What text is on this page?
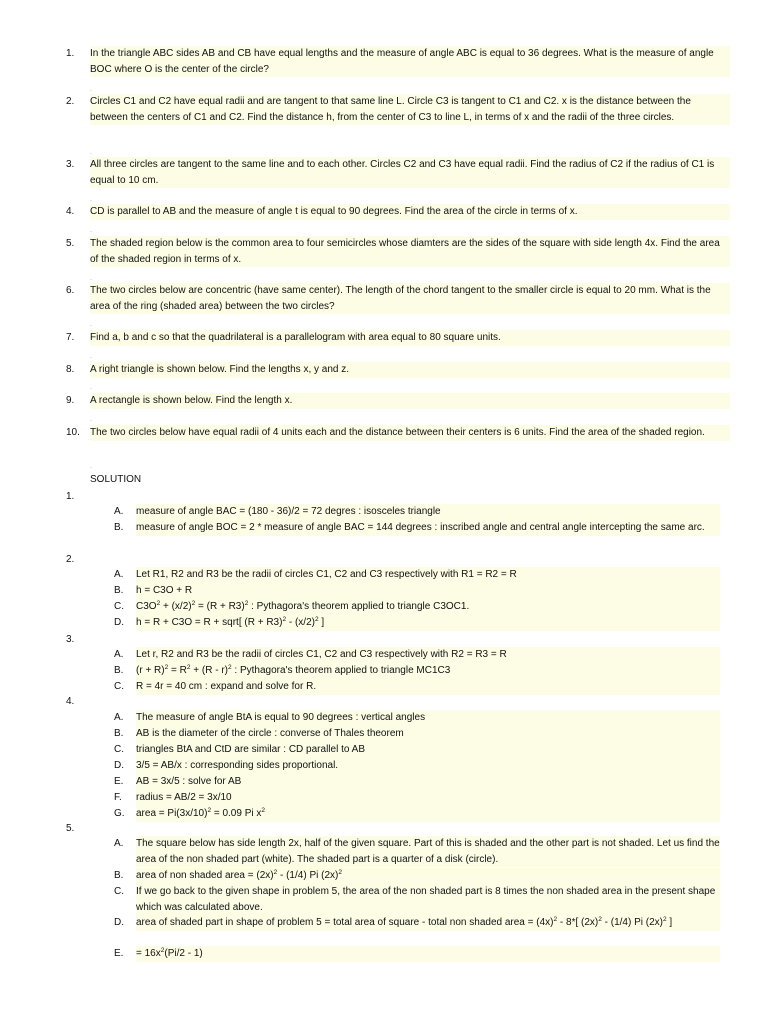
1.	In the triangle ABC sides AB and CB have equal lengths and the measure of angle ABC is equal to 36 degrees. What is the measure of angle BOC where O is the center of the circle?
.
2.	Circles C1 and C2 have equal radii and are tangent to that same line L. Circle C3 is tangent to C1 and C2. x is the distance between the between the centers of C1 and C2. Find the distance h, from the center of C3 to line L, in terms of x and the radii of the three circles.
.
3.	All three circles are tangent to the same line and to each other. Circles C2 and C3 have equal radii. Find the radius of C2 if the radius of C1 is equal to 10 cm.
.
4.	CD is parallel to AB and the measure of angle t is equal to 90 degrees. Find the area of the circle in terms of x.
.
5.	The shaded region below is the common area to four semicircles whose diamters are the sides of the square with side length 4x. Find the area of the shaded region in terms of x.
.
6.	The two circles below are concentric (have same center). The length of the chord tangent to the smaller circle is equal to 20 mm. What is the area of the ring (shaded area) between the two circles?
.
7.	Find a, b and c so that the quadrilateral is a parallelogram with area equal to 80 square units.
.
8.	A right triangle is shown below. Find the lengths x, y and z.
.
9.	A rectangle is shown below. Find the length x.
.
10.	The two circles below have equal radii of 4 units each and the distance between their centers is 6 units. Find the area of the shaded region.
.
SOLUTION
1.
A.	measure of angle BAC = (180 - 36)/2 = 72 degres : isosceles triangle
B.	measure of angle BOC = 2 * measure of angle BAC = 144 degrees : inscribed angle and central angle intercepting the same arc.
2.
A.	Let R1, R2 and R3 be the radii of circles C1, C2 and C3 respectively with R1 = R2 = R
B.	h = C3O + R
C.	$C3O^2 + (x/2)^2 = (R + R3)^2$ : Pythagora's theorem applied to triangle C3OC1.
D.	h = R + C3O = R + sqrt[ $(R + R3)^2 - (x/2)^2$ ]
3.
A.	Let r, R2 and R3 be the radii of circles C1, C2 and C3 respectively with R2 = R3 = R
B.	$(r + R)^2 = R^2 + (R - r)^2$ : Pythagora's theorem applied to triangle MC1C3
C.	R = 4r = 40 cm : expand and solve for R.
4.
A.	The measure of angle BtA is equal to 90 degrees : vertical angles
B.	AB is the diameter of the circle : converse of Thales theorem
C.	triangles BtA and CtD are similar : CD parallel to AB
D.	3/5 = AB/x : corresponding sides proportional.
E.	AB = 3x/5 : solve for AB
F.	radius = AB/2 = 3x/10
G.	area = $Pi(3x/10)^2 = 0.09$ Pi $x^2$
5.
A.	The square below has side length 2x, half of the given square. Part of this is shaded and the other part is not shaded. Let us find the area of the non shaded part (white). The shaded part is a quarter of a disk (circle).
B.	area of non shaded area = $(2x)^2 - (1/4)$ Pi $(2x)^2$
C.	If we go back to the given shape in problem 5, the area of the non shaded part is 8 times the non shaded area in the present shape which was calculated above.
D.	area of shaded part in shape of problem 5 = total area of square - total non shaded area = $(4x)^2 - 8*$[ $(2x)^2 - (1/4)$ Pi $(2x)^2$ ]
E.	= $16x^2(Pi/2 - 1)$
